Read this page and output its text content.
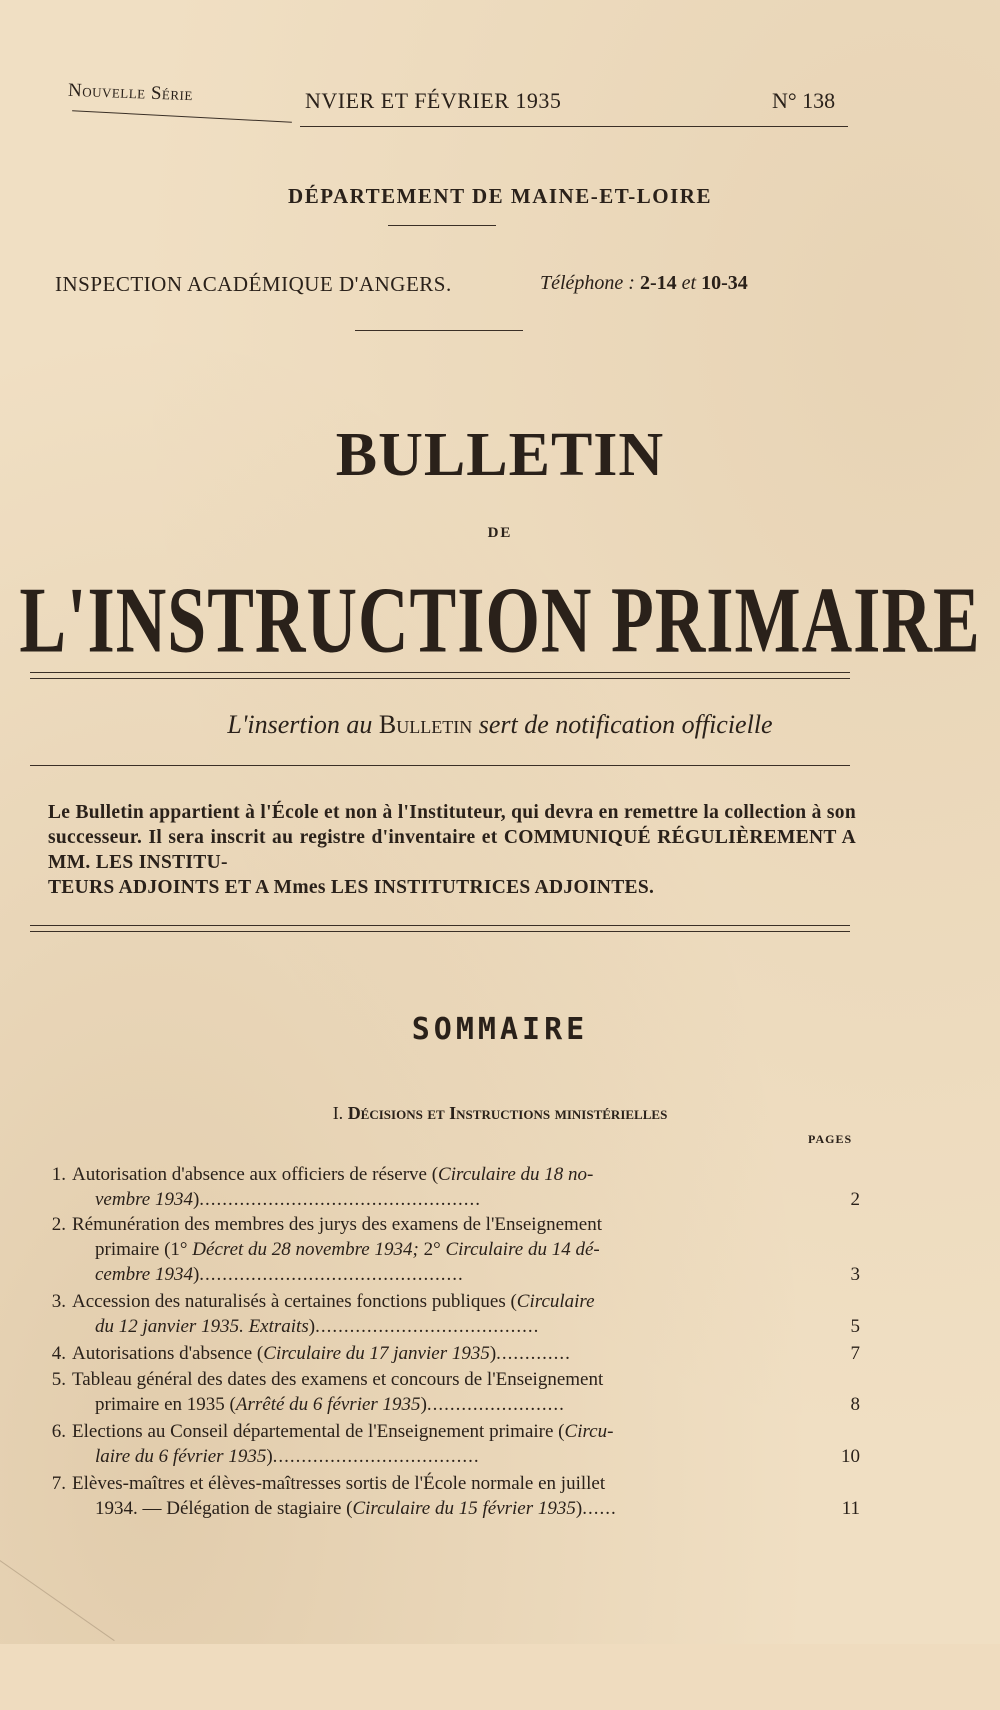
Nouvelle Série	NVIER ET FÉVRIER 1935	N° 138
DÉPARTEMENT DE MAINE-ET-LOIRE
INSPECTION ACADÉMIQUE D'ANGERS.	Téléphone : 2-14 et 10-34
BULLETIN
DE
L'INSTRUCTION PRIMAIRE
L'insertion au Bulletin sert de notification officielle
Le Bulletin appartient à l'École et non à l'Instituteur, qui devra en remettre la collection à son successeur. Il sera inscrit au registre d'inventaire et COMMUNIQUÉ RÉGULIÈREMENT A MM. LES INSTITU-
TEURS ADJOINTS ET A Mmes LES INSTITUTRICES ADJOINTES.
SOMMAIRE
I. Décisions et Instructions ministérielles
PAGES
1. Autorisation d'absence aux officiers de réserve (Circulaire du 18 no-
vembre 1934).................................................	2
2. Rémunération des membres des jurys des examens de l'Enseignement
primaire (1° Décret du 28 novembre 1934; 2° Circulaire du 14 dé-
cembre 1934)..............................................	3
3. Accession des naturalisés à certaines fonctions publiques (Circulaire
du 12 janvier 1935. Extraits).......................................	5
4. Autorisations d'absence (Circulaire du 17 janvier 1935).............	7
5. Tableau général des dates des examens et concours de l'Enseignement
primaire en 1935 (Arrêté du 6 février 1935)........................	8
6. Elections au Conseil départemental de l'Enseignement primaire (Circu-
laire du 6 février 1935)....................................	10
7. Elèves-maîtres et élèves-maîtresses sortis de l'École normale en juillet
1934. — Délégation de stagiaire (Circulaire du 15 février 1935)......	11
